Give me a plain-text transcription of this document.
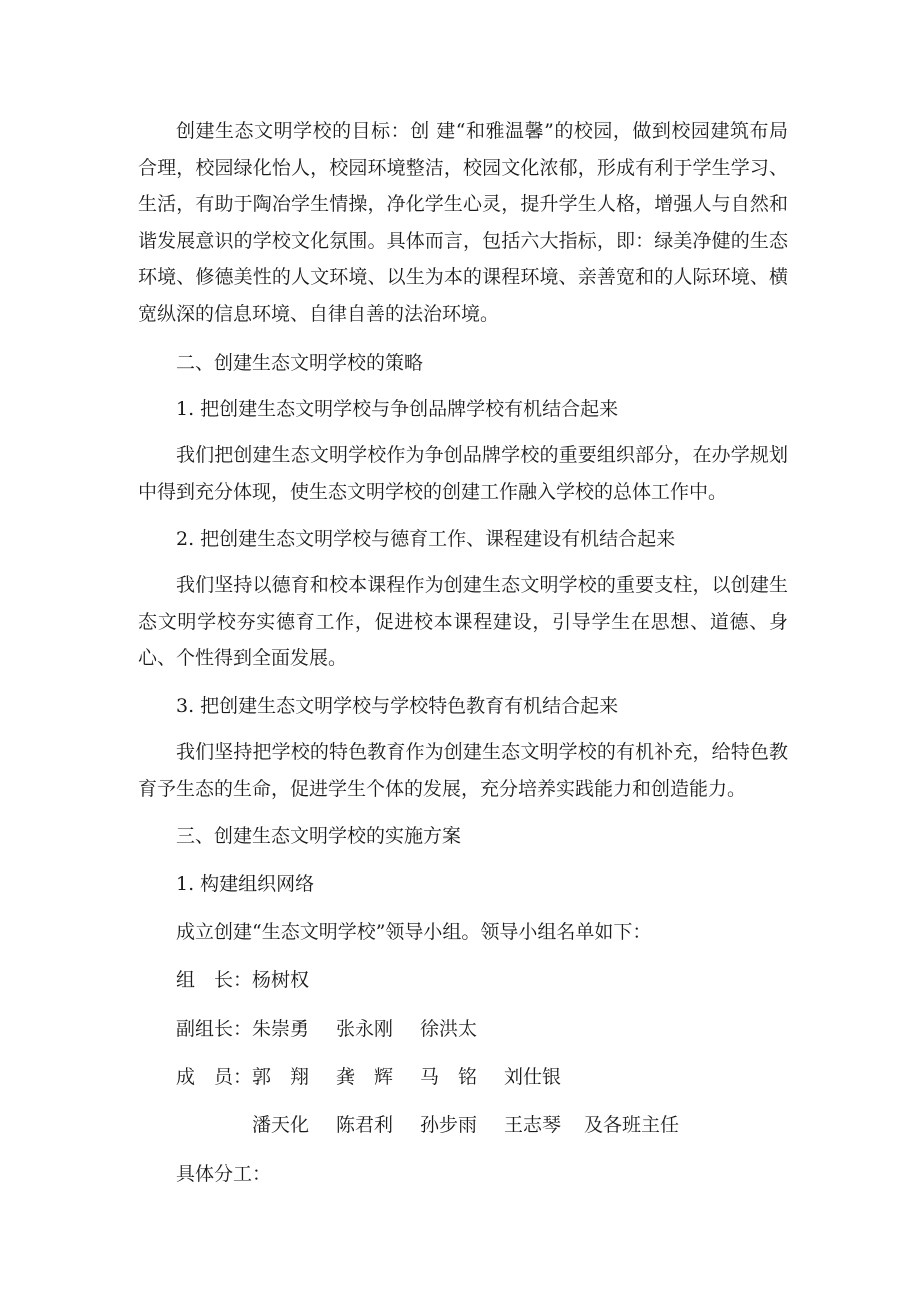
创建生态文明学校的目标：创 建“和雅温馨”的校园，做到校园建筑布局合理，校园绿化怡人，校园环境整洁，校园文化浓郁，形成有利于学生学习、生活，有助于陶冶学生情操，净化学生心灵，提升学生人格，增强人与自然和谐发展意识的学校文化氛围。具体而言，包括六大指标，即：绿美净健的生态环境、修德美性的人文环境、以生为本的课程环境、亲善宽和的人际环境、横宽纵深的信息环境、自律自善的法治环境。

二、创建生态文明学校的策略

1. 把创建生态文明学校与争创品牌学校有机结合起来

我们把创建生态文明学校作为争创品牌学校的重要组织部分，在办学规划中得到充分体现，使生态文明学校的创建工作融入学校的总体工作中。

2. 把创建生态文明学校与德育工作、课程建设有机结合起来

我们坚持以德育和校本课程作为创建生态文明学校的重要支柱，以创建生态文明学校夯实德育工作，促进校本课程建设，引导学生在思想、道德、身心、个性得到全面发展。

3. 把创建生态文明学校与学校特色教育有机结合起来

我们坚持把学校的特色教育作为创建生态文明学校的有机补充，给特色教育予生态的生命，促进学生个体的发展，充分培养实践能力和创造能力。

三、创建生态文明学校的实施方案

1. 构建组织网络

成立创建“生态文明学校”领导小组。领导小组名单如下：

组　长： 杨树权
副组长： 朱崇勇	张永刚	徐洪太
成　员： 郭　翔	龚　辉	马　铭	刘仕银
潘天化	陈君利	孙步雨	王志琴	及各班主任

具体分工：
